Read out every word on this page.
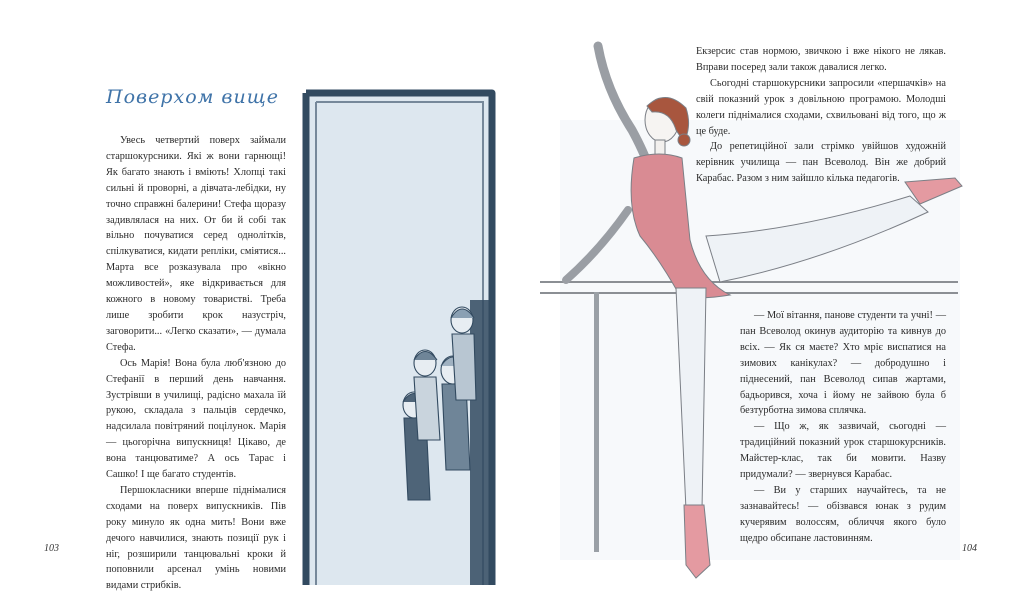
Поверхом вище

Увесь четвертий поверх займали старшокурсники. Які ж вони гарнющі! Як багато знають і вміють! Хлопці такі сильні й проворні, а дівчата-лебідки, ну точно справжні балерини! Стефа щоразу задивлялася на них. От би й собі так вільно почуватися серед однолітків, спілкуватися, кидати репліки, сміятися... Марта все розказувала про «вікно можливостей», яке відкривається для кожного в новому товаристві. Треба лише зробити крок назустріч, заговорити... «Легко сказати», — думала Стефа.

Ось Марія! Вона була люб'язною до Стефанії в перший день навчання. Зустрівши в училищі, радісно махала їй рукою, складала з пальців сердечко, надсилала повітряний поцілунок. Марія — цьогорічна випускниця! Цікаво, де вона танцюватиме? А ось Тарас і Сашко! І ще багато студентів.

Першокласники вперше піднімалися сходами на поверх випускників. Пів року минуло як одна мить! Вони вже дечого навчилися, знають позиції рук і ніг, розширили танцювальні кроки й поповнили арсенал умінь новими видами стрибків.

103

Екзерсис став нормою, звичкою і вже нікого не лякав. Вправи посеред зали також давалися легко.

Сьогодні старшокурсники запросили «першачків» на свій показний урок з довільною програмою. Молодші колеги піднімалися сходами, схвильовані від того, що ж це буде.

До репетиційної зали стрімко увійшов художній керівник училища — пан Всеволод. Він же добрий Карабас. Разом з ним зайшло кілька педагогів.

— Мої вітання, панове студенти та учні! — пан Всеволод окинув аудиторію та кивнув до всіх. — Як ся маєте? Хто мріє виспатися на зимових канікулах? — добродушно і піднесений, пан Всеволод сипав жартами, бадьорився, хоча і йому не зайвою була б безтурботна зимова сплячка.

— Що ж, як зазвичай, сьогодні — традиційний показний урок старшокурсників. Майстер-клас, так би мовити. Назву придумали? — звернувся Карабас.

— Ви у старших научайтесь, та не зазнавайтесь! — обізвався юнак з рудим кучерявим волоссям, обличчя якого було щедро обсипане ластовинням.

104
